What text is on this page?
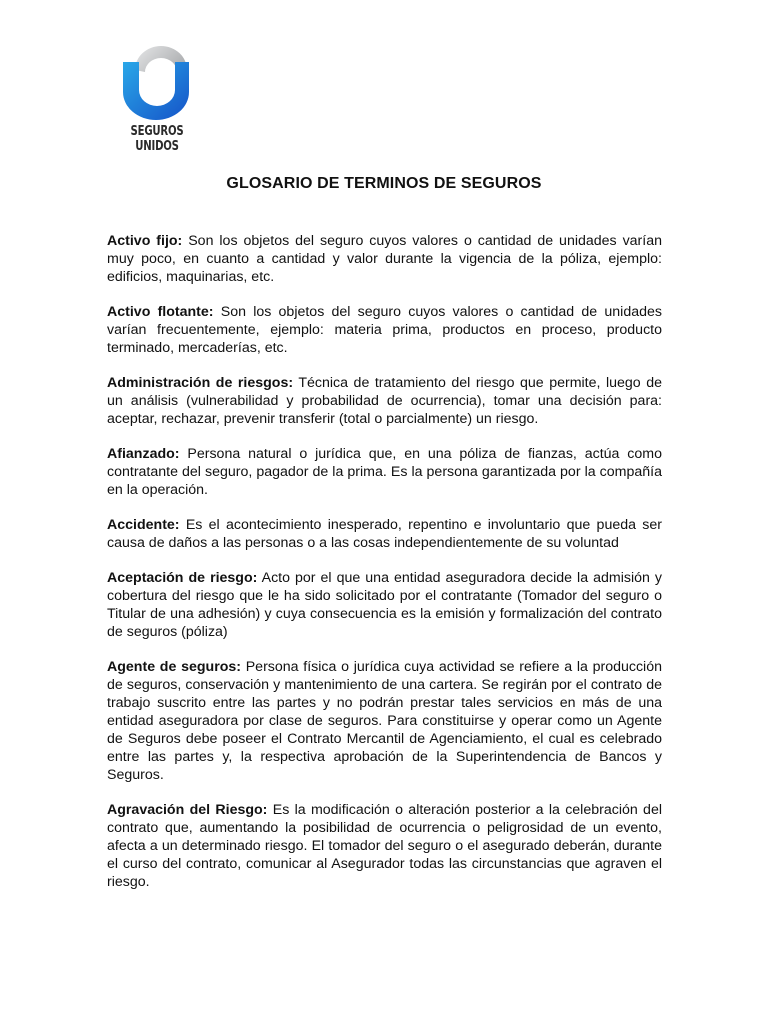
SEGUROS UNIDOS
GLOSARIO DE TERMINOS DE SEGUROS

Activo fijo: Son los objetos del seguro cuyos valores o cantidad de unidades varían muy poco, en cuanto a cantidad y valor durante la vigencia de la póliza, ejemplo: edificios, maquinarias, etc.

Activo flotante: Son los objetos del seguro cuyos valores o cantidad de unidades varían frecuentemente, ejemplo: materia prima, productos en proceso, producto terminado, mercaderías, etc.

Administración de riesgos: Técnica de tratamiento del riesgo que permite, luego de un análisis (vulnerabilidad y probabilidad de ocurrencia), tomar una decisión para: aceptar, rechazar, prevenir transferir (total o parcialmente) un riesgo.

Afianzado: Persona natural o jurídica que, en una póliza de fianzas, actúa como contratante del seguro, pagador de la prima. Es la persona garantizada por la compañía en la operación.

Accidente: Es el acontecimiento inesperado, repentino e involuntario que pueda ser causa de daños a las personas o a las cosas independientemente de su voluntad

Aceptación de riesgo: Acto por el que una entidad aseguradora decide la admisión y cobertura del riesgo que le ha sido solicitado por el contratante (Tomador del seguro o Titular de una adhesión) y cuya consecuencia es la emisión y formalización del contrato de seguros (póliza)

Agente de seguros: Persona física o jurídica cuya actividad se refiere a la producción de seguros, conservación y mantenimiento de una cartera. Se regirán por el contrato de trabajo suscrito entre las partes y no podrán prestar tales servicios en más de una entidad aseguradora por clase de seguros. Para constituirse y operar como un Agente de Seguros debe poseer el Contrato Mercantil de Agenciamiento, el cual es celebrado entre las partes y, la respectiva aprobación de la Superintendencia de Bancos y Seguros.

Agravación del Riesgo: Es la modificación o alteración posterior a la celebración del contrato que, aumentando la posibilidad de ocurrencia o peligrosidad de un evento, afecta a un determinado riesgo. El tomador del seguro o el asegurado deberán, durante el curso del contrato, comunicar al Asegurador todas las circunstancias que agraven el riesgo.
